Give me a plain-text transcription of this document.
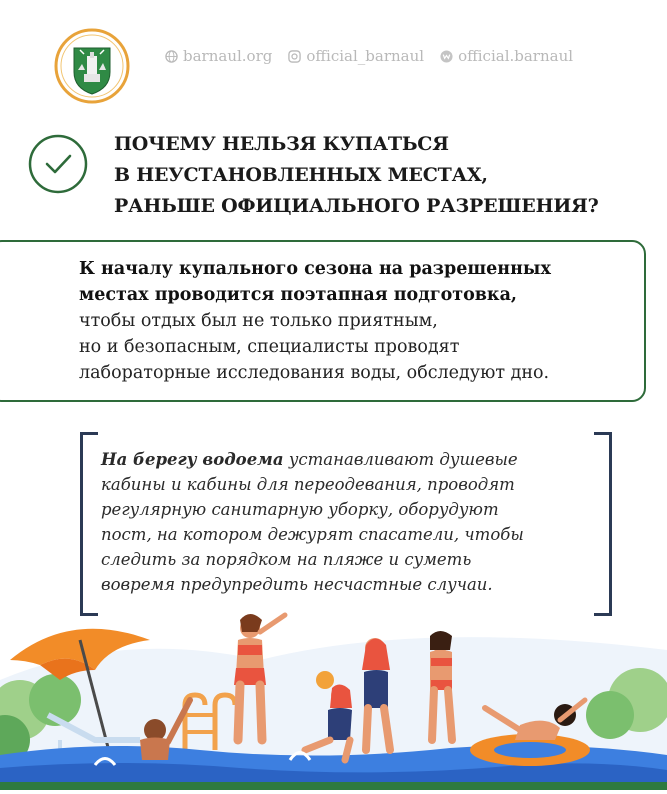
barnaul.org official_barnaul official.barnaul
ПОЧЕМУ НЕЛЬЗЯ КУПАТЬСЯ
В НЕУСТАНОВЛЕННЫХ МЕСТАХ,
РАНЬШЕ ОФИЦИАЛЬНОГО РАЗРЕШЕНИЯ?
К началу купального сезона на разрешенных
местах проводится поэтапная подготовка,
чтобы отдых был не только приятным,
но и безопасным, специалисты проводят
лабораторные исследования воды, обследуют дно.
На берегу водоема устанавливают душевые
кабины и кабины для переодевания, проводят
регулярную санитарную уборку, оборудуют
пост, на котором дежурят спасатели, чтобы
следить за порядком на пляже и суметь
вовремя предупредить несчастные случаи.
